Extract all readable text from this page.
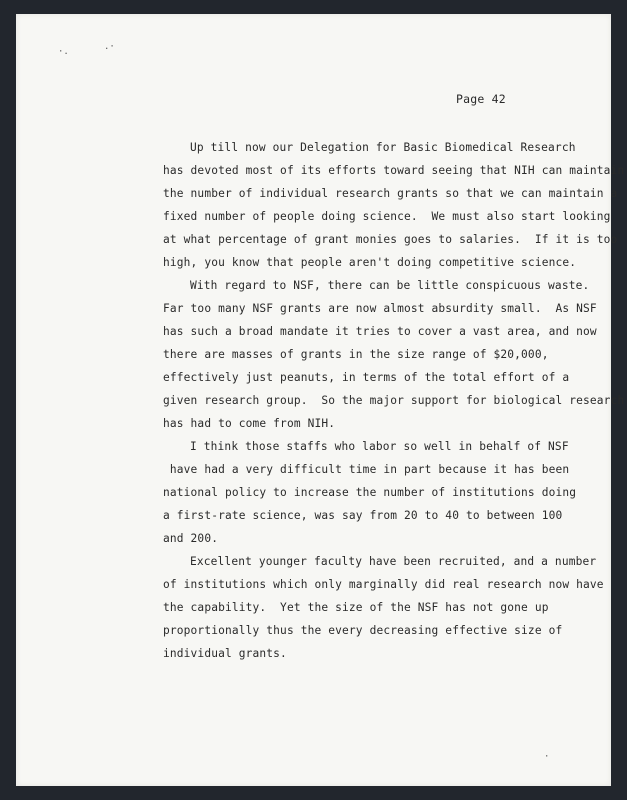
·.	.·
Page 42
Up till now our Delegation for Basic Biomedical Research
has devoted most of its efforts toward seeing that NIH can maintain
the number of individual research grants so that we can maintain a
fixed number of people doing science.  We must also start looking
at what percentage of grant monies goes to salaries.  If it is too
high, you know that people aren't doing competitive science.
With regard to NSF, there can be little conspicuous waste.
Far too many NSF grants are now almost absurdity small.  As NSF
has such a broad mandate it tries to cover a vast area, and now
there are masses of grants in the size range of $20,000,
effectively just peanuts, in terms of the total effort of a
given research group.  So the major support for biological research
has had to come from NIH.
I think those staffs who labor so well in behalf of NSF
have had a very difficult time in part because it has been
national policy to increase the number of institutions doing
a first-rate science, was say from 20 to 40 to between 100
and 200.
Excellent younger faculty have been recruited, and a number
of institutions which only marginally did real research now have
the capability.  Yet the size of the NSF has not gone up
proportionally thus the every decreasing effective size of
individual grants.
·
